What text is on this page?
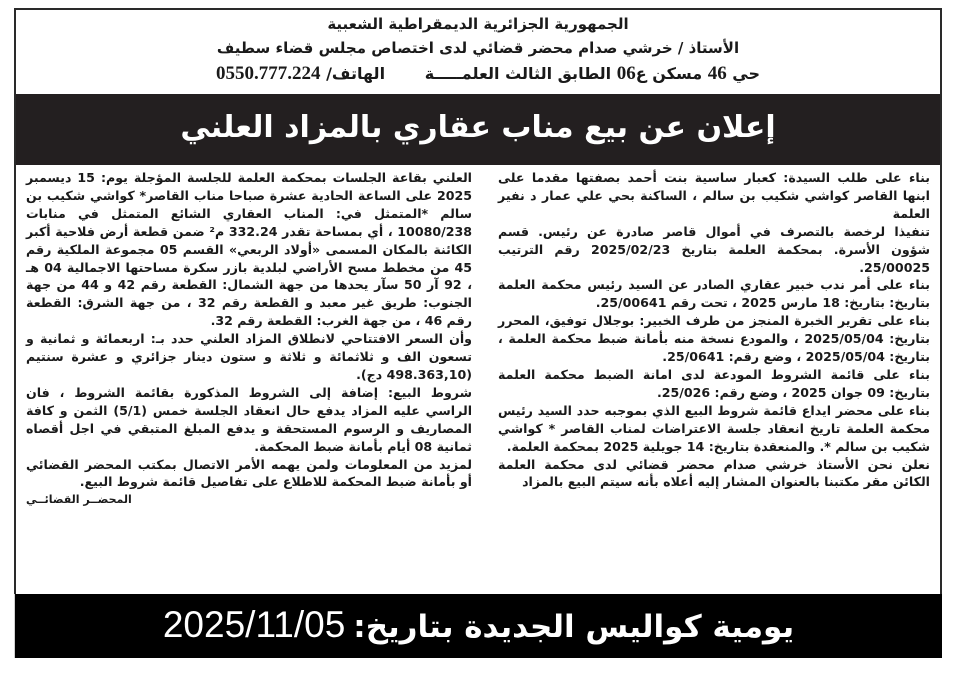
الجمهورية الجزائرية الديمقراطية الشعبية
الأستاذ / خرشي صدام محضر قضائي لدى اختصاص مجلس قضاء سطيف
حي 46 مسكن ع06 الطابق الثالث العلمـــــة
الهاتف/ 0550.777.224
إعلان عن بيع مناب عقاري بالمزاد العلني

بناء على طلب السيدة: كعبار ساسية بنت أحمد بصفتها مقدما على ابنها القاصر كواشي شكيب بن سالم ، الساكنة بحي علي عمار د نفير العلمة

تنفيذا لرخصة بالتصرف في أموال قاصر صادرة عن رئيس. قسم شؤون الأسرة. بمحكمة العلمة بتاريخ 2025/02/23 رقم الترتيب 25/00025.

بناء على أمر ندب خبير عقاري الصادر عن السيد رئيس محكمة العلمة بتاريخ: بتاريخ: 18 مارس 2025 ، تحت رقم 25/00641.

بناء على تقرير الخبرة المنجز من طرف الخبير: بوجلال توفيق، المحرر بتاريخ: 2025/05/04 ، والمودع نسخة منه بأمانة ضبط محكمة العلمة ، بتاريخ: 2025/05/04 ، وضع رقم: 25/0641.

بناء على قائمة الشروط المودعة لدى امانة الضبط محكمة العلمة بتاريخ: 09 جوان 2025 ، وضع رقم: 25/026.

بناء على محضر ايداع قائمة شروط البيع الذي بموجبه حدد السيد رئيس محكمة العلمة تاريخ انعقاد جلسة الاعتراضات لمناب القاصر * كواشي شكيب بن سالم *. والمنعقدة بتاريخ: 14 جويلية 2025 بمحكمة العلمة.

نعلن نحن الأستاذ خرشي صدام محضر قضائي لدى محكمة العلمة الكائن مقر مكتبنا بالعنوان المشار إليه أعلاه بأنه سيتم البيع بالمزاد

العلني بقاعة الجلسات بمحكمة العلمة للجلسة المؤجلة يوم: 15 ديسمبر 2025 على الساعة الحادية عشرة صباحا مناب القاصر* كواشي شكيب بن سالم *المتمثل في: المناب العقاري الشائع المتمثل في منابات 10080/238 ، أي بمساحة تقدر 332.24 م² ضمن قطعة أرض فلاحية أكبر الكائنة بالمكان المسمى «أولاد الربعي» القسم 05 مجموعة الملكية رقم 45 من مخطط مسح الأراضي لبلدية بازر سكرة مساحتها الاجمالية 04 هـ ، 92 آر 50 سآر يحدها من جهة الشمال: القطعة رقم 42 و 44 من جهة الجنوب: طريق غير معبد و القطعة رقم 32 ، من جهة الشرق: القطعة رقم 46 ، من جهة الغرب: القطعة رقم 32.

وأن السعر الافتتاحي لانطلاق المزاد العلني حدد بـ: اربعمائة و ثمانية و تسعون الف و ثلاثمائة و ثلاثة و ستون دينار جزائري و عشرة سنتيم (498.363,10 دج).

شروط البيع: إضافة إلى الشروط المذكورة بقائمة الشروط ، فان الراسي عليه المزاد يدفع حال انعقاد الجلسة خمس (5/1) الثمن و كافة المصاريف و الرسوم المستحقة و يدفع المبلغ المتبقي في اجل أقصاه ثمانية 08 أيام بأمانة ضبط المحكمة.

لمزيد من المعلومات ولمن يهمه الأمر الاتصال بمكتب المحضر القضائي أو بأمانة ضبط المحكمة للاطلاع على تفاصيل قائمة شروط البيع.

المحضــر القضائــي

يومية كواليس الجديدة بتاريخ:2025/11/05
